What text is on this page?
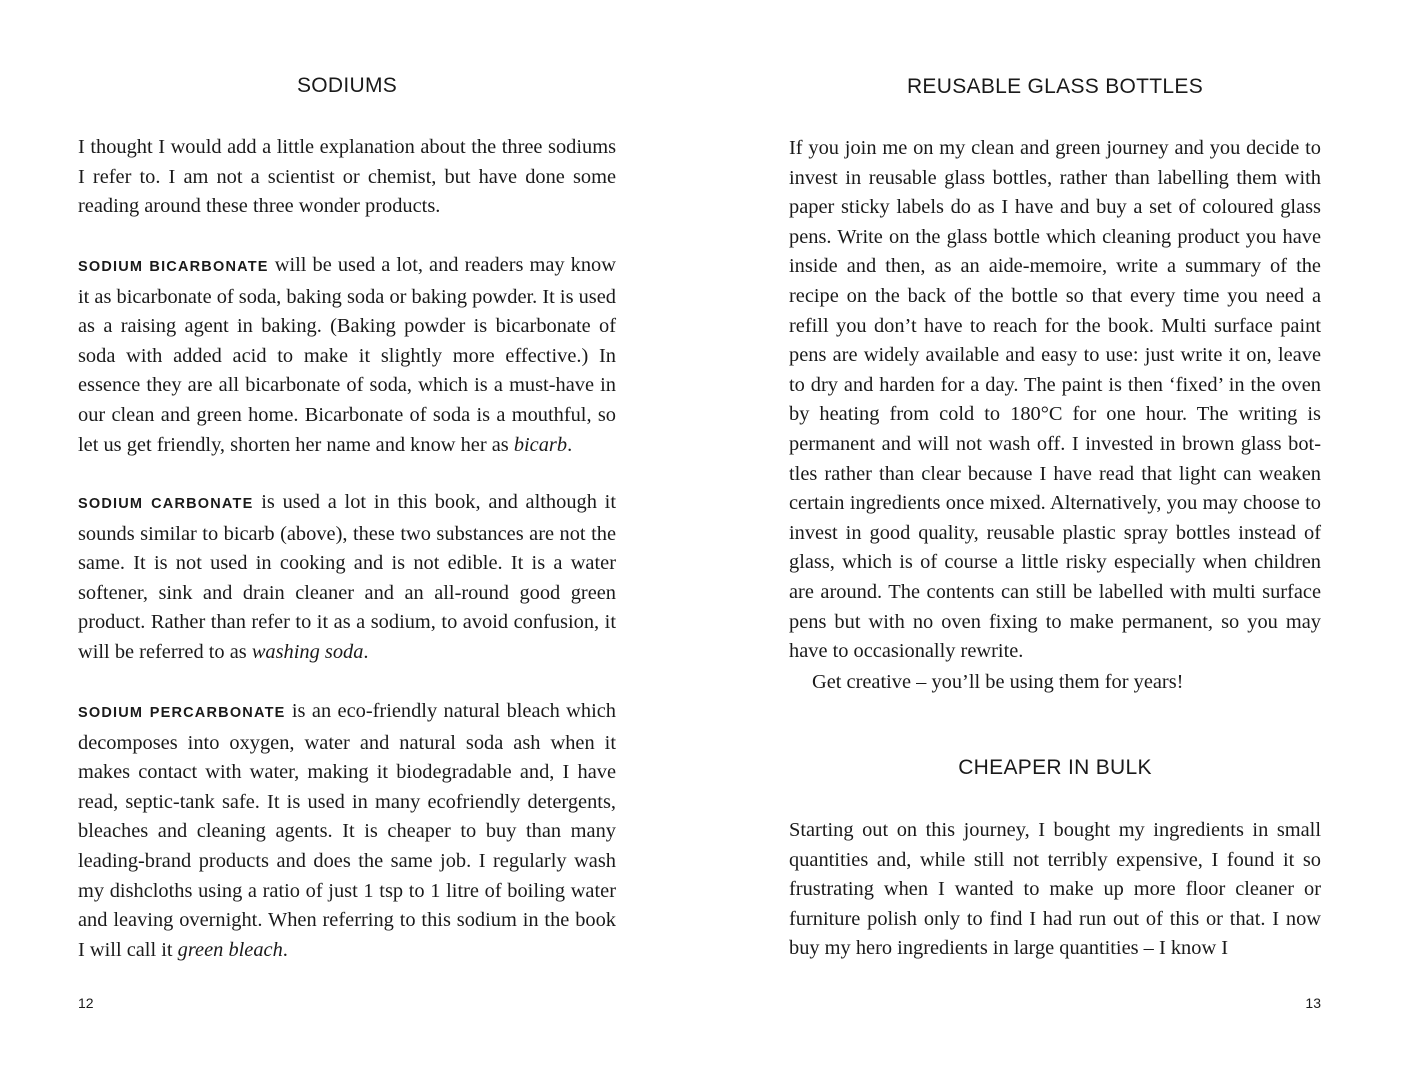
SODIUMS

I thought I would add a little explanation about the three sodiums I refer to. I am not a scientist or chemist, but have done some reading around these three wonder products.

SODIUM BICARBONATE will be used a lot, and readers may know it as bicarbonate of soda, baking soda or baking powder. It is used as a raising agent in baking. (Baking powder is bicarbonate of soda with added acid to make it slightly more effective.) In essence they are all bicarbonate of soda, which is a must-have in our clean and green home. Bicarbonate of soda is a mouthful, so let us get friendly, shorten her name and know her as bicarb.

SODIUM CARBONATE is used a lot in this book, and although it sounds similar to bicarb (above), these two substances are not the same. It is not used in cooking and is not edible. It is a water softener, sink and drain cleaner and an all-round good green product. Rather than refer to it as a sodium, to avoid confusion, it will be referred to as washing soda.

SODIUM PERCARBONATE is an eco-friendly natural bleach which decomposes into oxygen, water and natural soda ash when it makes contact with water, making it biodegradable and, I have read, septic-tank safe. It is used in many ecofriendly detergents, bleaches and cleaning agents. It is cheaper to buy than many leading-brand products and does the same job. I regularly wash my dishcloths using a ratio of just 1 tsp to 1 litre of boiling water and leaving overnight. When referring to this sodium in the book I will call it green bleach.

12
REUSABLE GLASS BOTTLES

If you join me on my clean and green journey and you decide to invest in reusable glass bottles, rather than labelling them with paper sticky labels do as I have and buy a set of coloured glass pens. Write on the glass bottle which cleaning product you have inside and then, as an aide-memoire, write a summary of the recipe on the back of the bottle so that every time you need a refill you don’t have to reach for the book. Multi surface paint pens are widely available and easy to use: just write it on, leave to dry and harden for a day. The paint is then ‘fixed’ in the oven by heating from cold to 180°C for one hour. The writing is permanent and will not wash off. I invested in brown glass bottles rather than clear because I have read that light can weaken certain ingredients once mixed. Alternatively, you may choose to invest in good quality, reusable plastic spray bottles instead of glass, which is of course a little risky especially when children are around. The contents can still be labelled with multi surface pens but with no oven fixing to make permanent, so you may have to occasionally rewrite.

Get creative – you’ll be using them for years!

CHEAPER IN BULK

Starting out on this journey, I bought my ingredients in small quantities and, while still not terribly expensive, I found it so frustrating when I wanted to make up more floor cleaner or furniture polish only to find I had run out of this or that. I now buy my hero ingredients in large quantities – I know I

13
